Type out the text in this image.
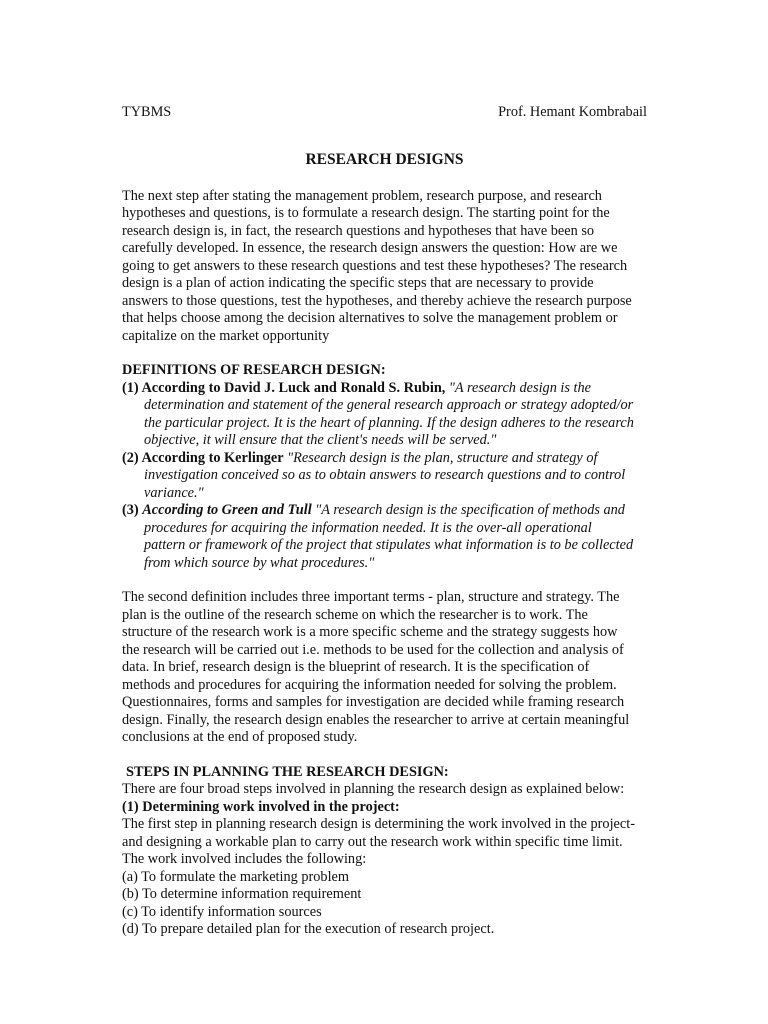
TYBMS	Prof. Hemant Kombrabail
RESEARCH DESIGNS

The next step after stating the management problem, research purpose, and research

hypotheses and questions, is to formulate a research design. The starting point for the

research design is, in fact, the research questions and hypotheses that have been so

carefully developed. In essence, the research design answers the question: How are we

going to get answers to these research questions and test these hypotheses? The research

design is a plan of action indicating the specific steps that are necessary to provide

answers to those questions, test the hypotheses, and thereby achieve the research purpose

that helps choose among the decision alternatives to solve the management problem or

capitalize on the market opportunity

DEFINITIONS OF RESEARCH DESIGN:
(1) According to David J. Luck and Ronald S. Rubin, "A research design is the

determination and statement of the general research approach or strategy adopted/or

the particular project. It is the heart of planning. If the design adheres to the research

objective, it will ensure that the client's needs will be served."

(2) According to Kerlinger "Research design is the plan, structure and strategy of

investigation conceived so as to obtain answers to research questions and to control

variance."

(3) According to Green and Tull "A research design is the specification of methods and

procedures for acquiring the information needed. It is the over-all operational

pattern or framework of the project that stipulates what information is to be collected

from which source by what procedures."

The second definition includes three important terms - plan, structure and strategy. The

plan is the outline of the research scheme on which the researcher is to work. The

structure of the research work is a more specific scheme and the strategy suggests how

the research will be carried out i.e. methods to be used for the collection and analysis of

data. In brief, research design is the blueprint of research. It is the specification of

methods and procedures for acquiring the information needed for solving the problem.

Questionnaires, forms and samples for investigation are decided while framing research

design. Finally, the research design enables the researcher to arrive at certain meaningful

conclusions at the end of proposed study.

STEPS IN PLANNING THE RESEARCH DESIGN:

There are four broad steps involved in planning the research design as explained below:

(1) Determining work involved in the project:

The first step in planning research design is determining the work involved in the project-

and designing a workable plan to carry out the research work within specific time limit.

The work involved includes the following:

(a) To formulate the marketing problem
(b) To determine information requirement
(c) To identify information sources
(d) To prepare detailed plan for the execution of research project.
